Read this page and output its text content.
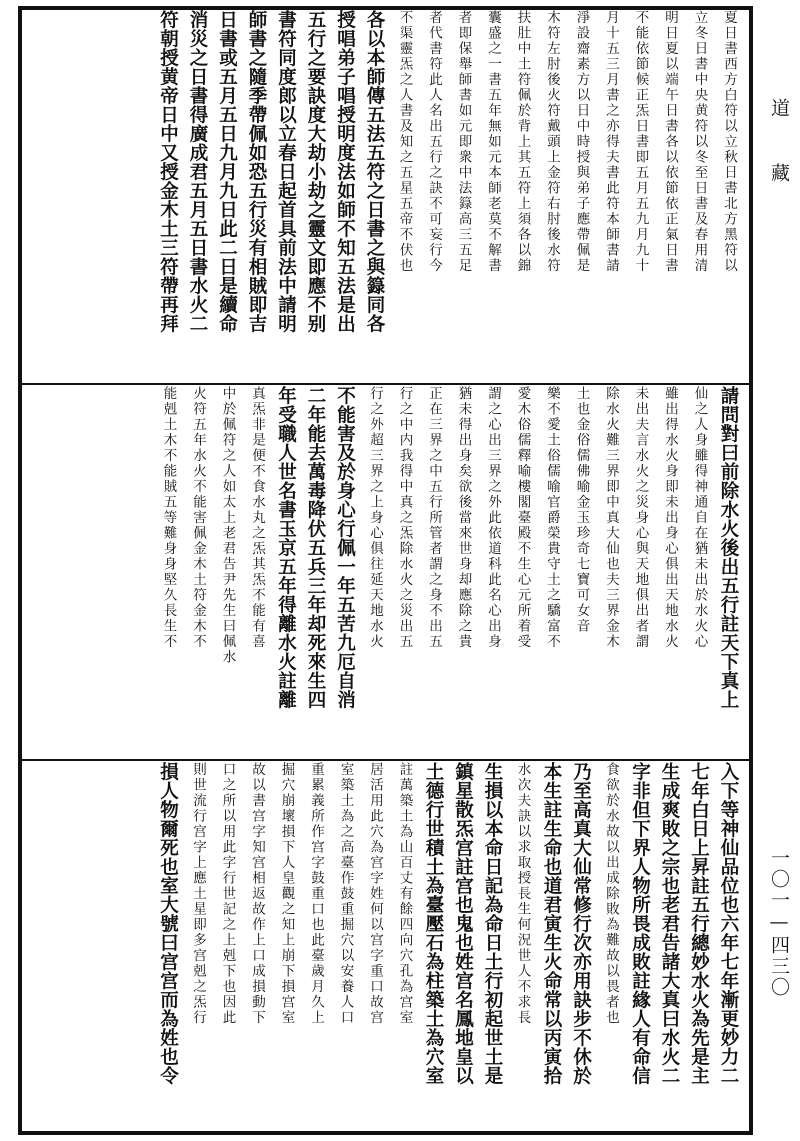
夏日書西方白符以立秋日書北方黑符以
立冬日書中央黄符以冬至日書及春用清
明日夏以端午日書各以依節依正氣日書
不能依節候正炁日書即五月五九月九十
月十五三月書之亦得夫書此符本師書請
淨設齋素方以日中時授與弟子應帶佩是
木符左肘後火符戴頭上金符右肘後水符
扶肚中土符佩於背上其五符上須各以錦
囊盛之一書五年無如元本師老莫不解書
者即保舉師書如元即衆中法籙高三五足
者代書符此人名出五行之訣不可妄行今
不渠靈炁之人書及知之五星五帝不伏也
各以本師傳五法五符之日書之與籙同各
授唱弟子唱授明度法如師不知五法是出
五行之要訣度大劫小劫之靈文即應不别
書符同度郎以立春日起首具前法中請明
師書之隨季帶佩如恐五行災有相賊即吉
日書或五月五日九月九日此二日是續命
消災之日書得廣成君五月五日書水火二
符朝授黄帝日中又授金木土三符帶再拜
請問對曰前除水火後出五行註天下真上
仙之人身雖得神通自在猶未出於水火心
雖出得水火身即未出身心俱出天地水火
未出夫言水火之災身心與天地俱出者謂
除水火難三界即中真大仙也夫三界金木
土也金俗儒佛喻金玉珍奇七寶可女音
樂不愛土俗儒喻官爵榮貴守土之驕富不
愛木俗儒釋喻樓閣臺殿不生心元所着受
謂之心出三界之外此依道科此名心出身
猶未得出身矣欲後當來世身却應除之貴
正在三界之中五行所管者謂之身不出五
行之中内我得中真之炁除水火之災出五
行之外超三界之上身心俱往延天地水火
不能害及於身心行佩一年五苦九厄自消
二年能去萬毒降伏五兵三年却死來生四
年受職人世名書玉京五年得離水火註離
真炁非是便不食水丸之炁其炁不能有喜
中於佩符之人如太上老君告尹先生曰佩水
火符五年水火不能害佩金木土符金木不
能剋土木不能賊五等難身身堅久長生不
入下等神仙品位也六年七年漸更妙力二
七年白日上昇註五行總妙水火為先是主
生成爽敗之宗也老君告諸大真曰水火二
字非但下界人物所畏成敗註緣人有命信
食欲於水故以出成除敗為難故以畏者也
乃至高真大仙常修行次亦用訣步不休於
本生註生命也道君寅生火命常以丙寅拾
水次夫訣以求取授長生何況世人不求長
生損以本命日記為命日土行初起世土是
鎮星散炁宫註宫也鬼也姓宫名鳳地皇以
土德行世積土為臺壓石為柱築土為穴室
註萬築土為山百丈有餘四向穴孔為宫室
居活用此穴為宫字姓何以宫字重口故宫
室築土為之高臺作鼓重掘穴以安養人口
重累義所作宫字鼓重口也此臺歲月久上
掘穴崩壞損下人皇觀之知上崩下損宫室
故以書宫字知宫相返故作上口成損動下
口之所以用此字行世記之上剋下也因此
則世流行宫字上應土星即多宫剋之炁行
損人物爾死也室大號曰宫宫而為姓也令
道
藏
一〇一—四三〇
